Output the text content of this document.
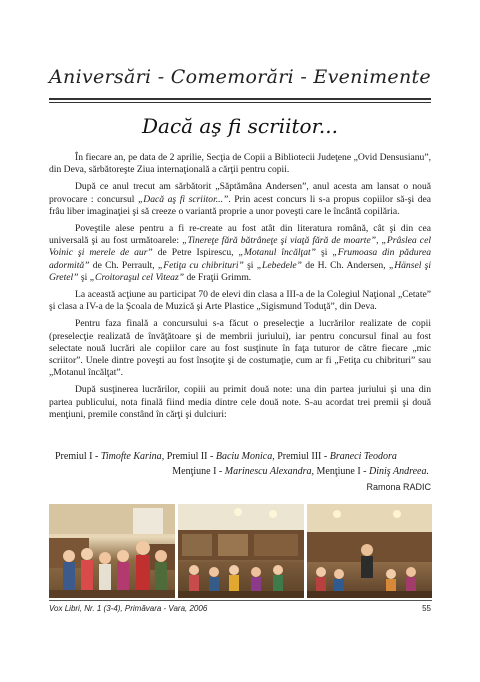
Aniversări - Comemorări - Evenimente
Dacă aş fi scriitor...

În fiecare an, pe data de 2 aprilie, Secţia de Copii a Bibliotecii Judeţene „Ovid Densusianu”, din Deva, sărbătoreşte Ziua internaţională a cărţii pentru copii.

După ce anul trecut am sărbătorit „Săptămâna Andersen”, anul acesta am lansat o nouă provocare : concursul „Dacă aş fi scriitor...”. Prin acest concurs li s-a propus copiilor să-şi dea frâu liber imaginaţiei şi să creeze o variantă proprie a unor poveşti care le încântă copilăria.

Poveştile alese pentru a fi re-create au fost atât din literatura română, cât şi din cea universală şi au fost următoarele: „Tinereţe fără bătrâneţe şi viaţă fără de moarte”, „Prâslea cel Voinic şi merele de aur” de Petre Ispirescu, „Motanul încălţat” şi „Frumoasa din pădurea adormită” de Ch. Perrault, „Fetiţa cu chibrituri” şi „Lebedele” de H. Ch. Andersen, „Hänsel şi Gretel” şi „Croitoraşul cel Viteaz” de Fraţii Grimm.

La această acţiune au participat 70 de elevi din clasa a III-a de la Colegiul Naţional „Cetate” şi clasa a IV-a de la Şcoala de Muzică şi Arte Plastice „Sigismund Toduţă”, din Deva.

Pentru faza finală a concursului s-a făcut o preselecţie a lucrărilor realizate de copii (preselecţie realizată de învăţătoare şi de membrii juriului), iar pentru concursul final au fost selectate nouă lucrări ale copiilor care au fost susţinute în faţa tuturor de către fiecare „mic scriitor”. Unele dintre poveşti au fost însoţite şi de costumaţie, cum ar fi „Fetiţa cu chibrituri” sau „Motanul încălţat”.

După susţinerea lucrărilor, copiii au primit două note: una din partea juriului şi una din partea publicului, nota finală fiind media dintre cele două note. S-au acordat trei premii şi două menţiuni, premile constând în cărţi şi dulciuri:

Premiul I - Timofte Karina, Premiul II - Baciu Monica, Premiul III - Braneci Teodora
Menţiune I - Marinescu Alexandra, Menţiune I - Diniş Andreea.
Ramona RADIC
Vox Libri, Nr. 1 (3-4), Primăvara - Vara, 2006	55
